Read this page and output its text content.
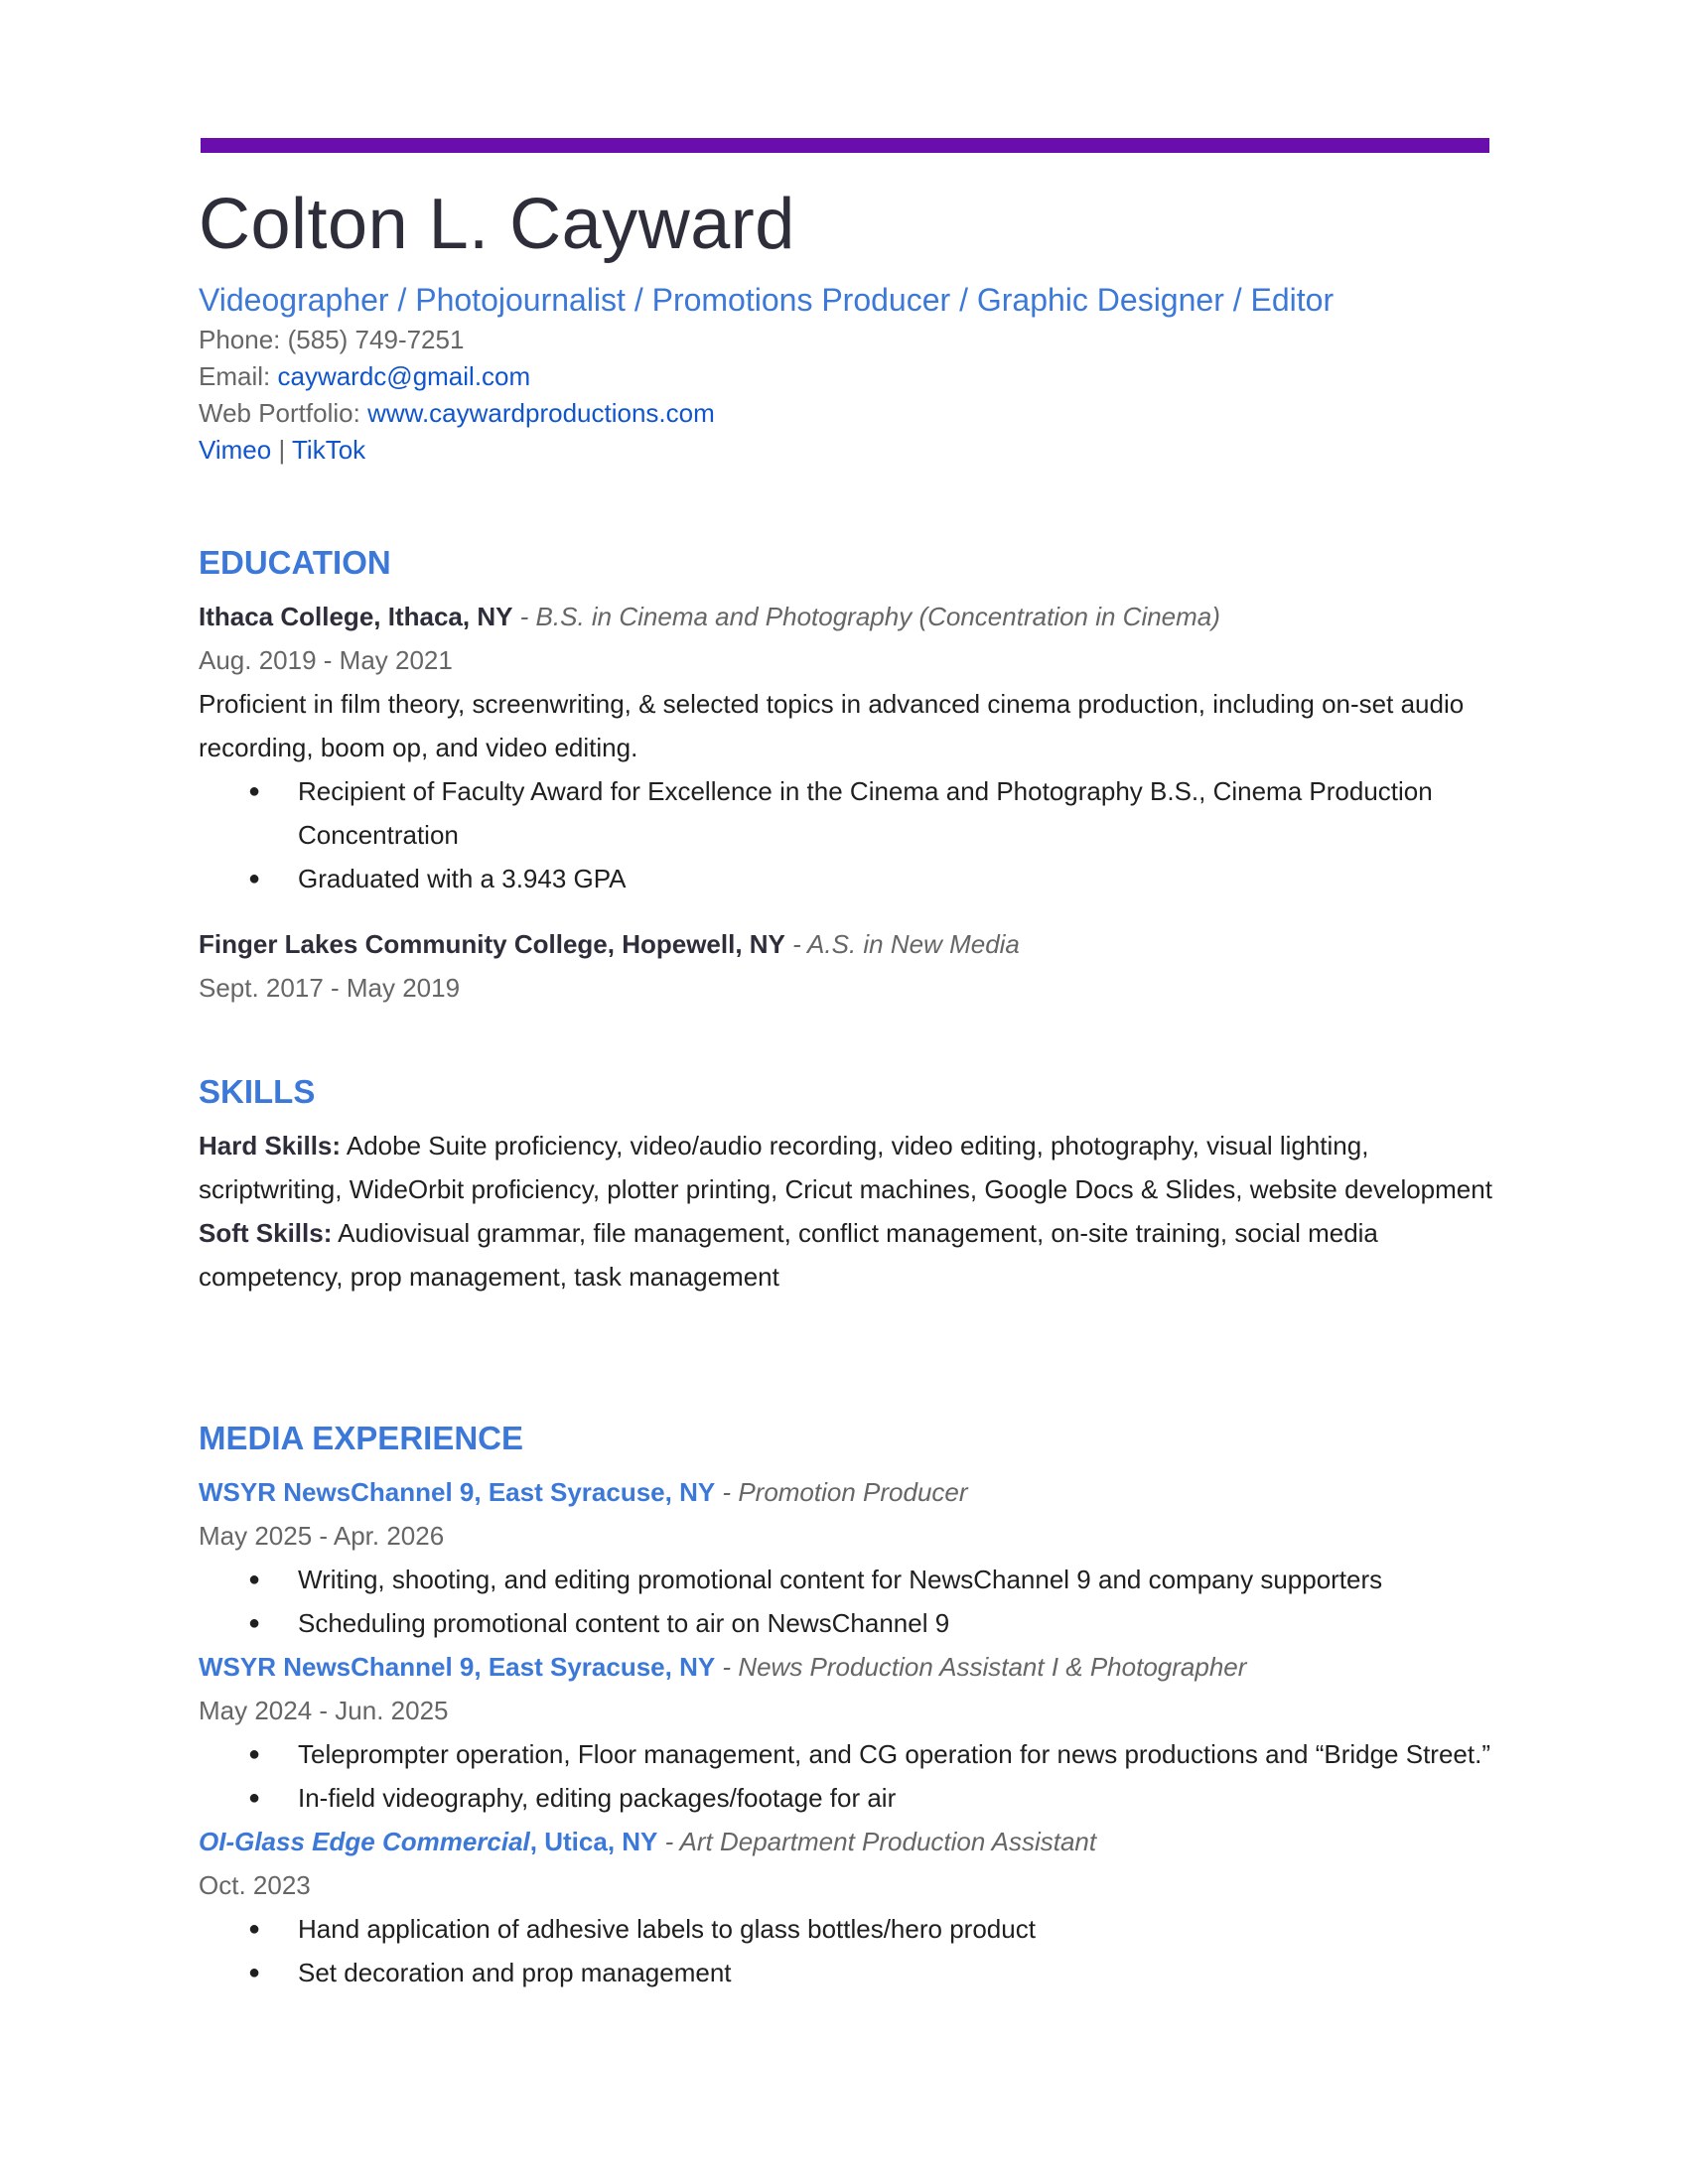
Colton L. Cayward
Videographer / Photojournalist / Promotions Producer / Graphic Designer / Editor
Phone: (585) 749-7251
Email: caywardc@gmail.com
Web Portfolio: www.caywardproductions.com
Vimeo | TikTok
EDUCATION
Ithaca College, Ithaca, NY - B.S. in Cinema and Photography (Concentration in Cinema)
Aug. 2019 - May 2021
Proficient in film theory, screenwriting, & selected topics in advanced cinema production, including on-set audio recording, boom op, and video editing.
● Recipient of Faculty Award for Excellence in the Cinema and Photography B.S., Cinema Production Concentration
● Graduated with a 3.943 GPA
Finger Lakes Community College, Hopewell, NY - A.S. in New Media
Sept. 2017 - May 2019
SKILLS
Hard Skills: Adobe Suite proficiency, video/audio recording, video editing, photography, visual lighting, scriptwriting, WideOrbit proficiency, plotter printing, Cricut machines, Google Docs & Slides, website development
Soft Skills: Audiovisual grammar, file management, conflict management, on-site training, social media competency, prop management, task management
MEDIA EXPERIENCE
WSYR NewsChannel 9, East Syracuse, NY - Promotion Producer
May 2025 - Apr. 2026
● Writing, shooting, and editing promotional content for NewsChannel 9 and company supporters
● Scheduling promotional content to air on NewsChannel 9
WSYR NewsChannel 9, East Syracuse, NY - News Production Assistant I & Photographer
May 2024 - Jun. 2025
● Teleprompter operation, Floor management, and CG operation for news productions and “Bridge Street.”
● In-field videography, editing packages/footage for air
OI-Glass Edge Commercial, Utica, NY - Art Department Production Assistant
Oct. 2023
● Hand application of adhesive labels to glass bottles/hero product
● Set decoration and prop management
